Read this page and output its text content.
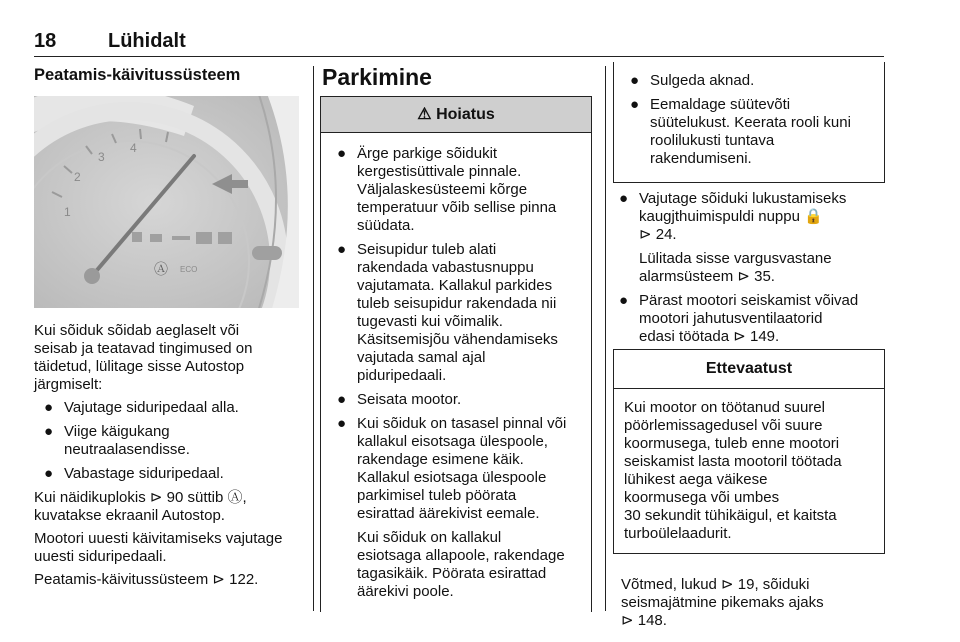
18	Lühidalt
Peatamis-käivitussüsteem
1
2
3
4
Ⓐ ECO

Kui sõiduk sõidab aeglaselt või
seisab ja teatavad tingimused on
täidetud, lülitage sisse Autostop
järgmiselt:

● Vajutage siduripedaal alla.
● Viige käigukang
neutraalasendisse.
● Vabastage siduripedaal.

Kui näidikuplokis ⊳ 90 süttib Ⓐ,
kuvatakse ekraanil Autostop.

Mootori uuesti käivitamiseks vajutage
uuesti siduripedaali.

Peatamis-käivitussüsteem ⊳ 122.

Parkimine
⚠ Hoiatus
● Ärge parkige sõidukit
kergestisüttivale pinnale.
Väljalaskesüsteemi kõrge
temperatuur võib sellise pinna
süüdata.
● Seisupidur tuleb alati
rakendada vabastusnuppu
vajutamata. Kallakul parkides
tuleb seisupidur rakendada nii
tugevasti kui võimalik.
Käsitsemisjõu vähendamiseks
vajutada samal ajal
piduripedaali.
● Seisata mootor.
● Kui sõiduk on tasasel pinnal või
kallakul eisotsaga ülespoole,
rakendage esimene käik.
Kallakul esiotsaga ülespoole
parkimisel tuleb pöörata
esirattad äärekivist eemale.

Kui sõiduk on kallakul
esiotsaga allapoole, rakendage
tagasikäik. Pöörata esirattad
äärekivi poole.

● Sulgeda aknad.
● Eemaldage süütevõti
süütelukust. Keerata rooli kuni
roolilukusti tuntava
rakendumiseni.
● Vajutage sõiduki lukustamiseks
kaugjthuimispuldi nuppu 🔒
⊳ 24.
Lülitada sisse vargusvastane
alarmsüsteem ⊳ 35.
● Pärast mootori seiskamist võivad
mootori jahutusventilaatorid
edasi töötada ⊳ 149.
Ettevaatust
Kui mootor on töötanud suurel
pöörlemissagedusel või suure
koormusega, tuleb enne mootori
seiskamist lasta mootoril töötada
lühikest aega väikese
koormusega või umbes
30 sekundit tühikäigul, et kaitsta
turboülelaadurit.
Võtmed, lukud ⊳ 19, sõiduki
seismajätmine pikemaks ajaks
⊳ 148.
